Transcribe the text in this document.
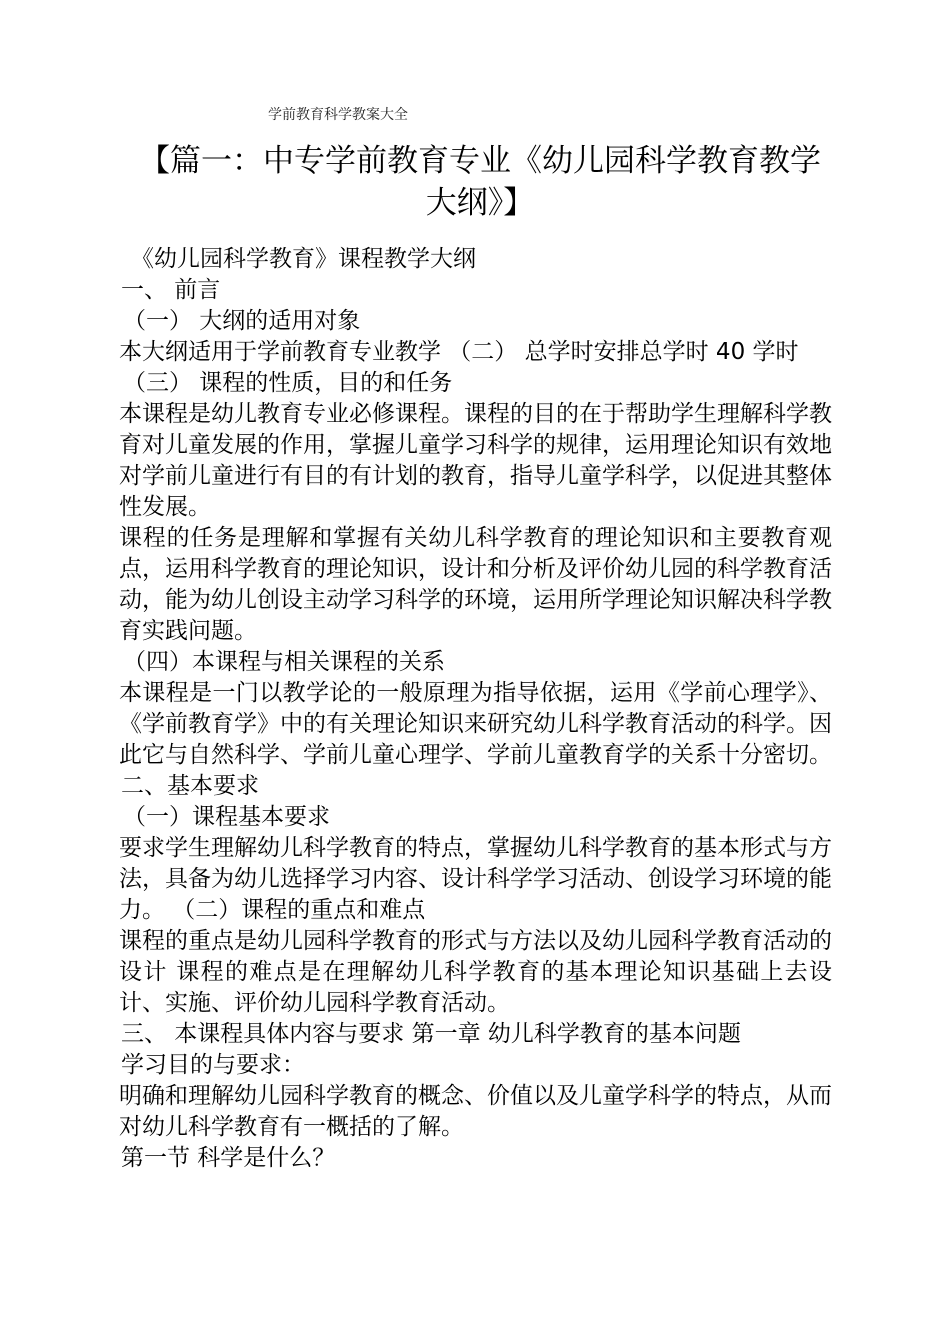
学前教育科学教案大全
【篇一：中专学前教育专业《幼儿园科学教育教学大纲》】
《幼儿园科学教育》课程教学大纲
一、 前言
（一） 大纲的适用对象
本大纲适用于学前教育专业教学 （二） 总学时安排总学时 40 学时
（三） 课程的性质，目的和任务
本课程是幼儿教育专业必修课程。课程的目的在于帮助学生理解科学教育对儿童发展的作用，掌握儿童学习科学的规律，运用理论知识有效地对学前儿童进行有目的有计划的教育，指导儿童学科学，以促进其整体性发展。
课程的任务是理解和掌握有关幼儿科学教育的理论知识和主要教育观点，运用科学教育的理论知识，设计和分析及评价幼儿园的科学教育活动，能为幼儿创设主动学习科学的环境，运用所学理论知识解决科学教育实践问题。
（四）本课程与相关课程的关系
本课程是一门以教学论的一般原理为指导依据，运用《学前心理学》、《学前教育学》中的有关理论知识来研究幼儿科学教育活动的科学。因此它与自然科学、学前儿童心理学、学前儿童教育学的关系十分密切。
二、基本要求
（一）课程基本要求
要求学生理解幼儿科学教育的特点，掌握幼儿科学教育的基本形式与方法，具备为幼儿选择学习内容、设计科学学习活动、创设学习环境的能力。 （二）课程的重点和难点
课程的重点是幼儿园科学教育的形式与方法以及幼儿园科学教育活动的设计 课程的难点是在理解幼儿科学教育的基本理论知识基础上去设计、实施、评价幼儿园科学教育活动。
三、 本课程具体内容与要求 第一章 幼儿科学教育的基本问题
学习目的与要求：
明确和理解幼儿园科学教育的概念、价值以及儿童学科学的特点，从而对幼儿科学教育有一概括的了解。
第一节 科学是什么？
